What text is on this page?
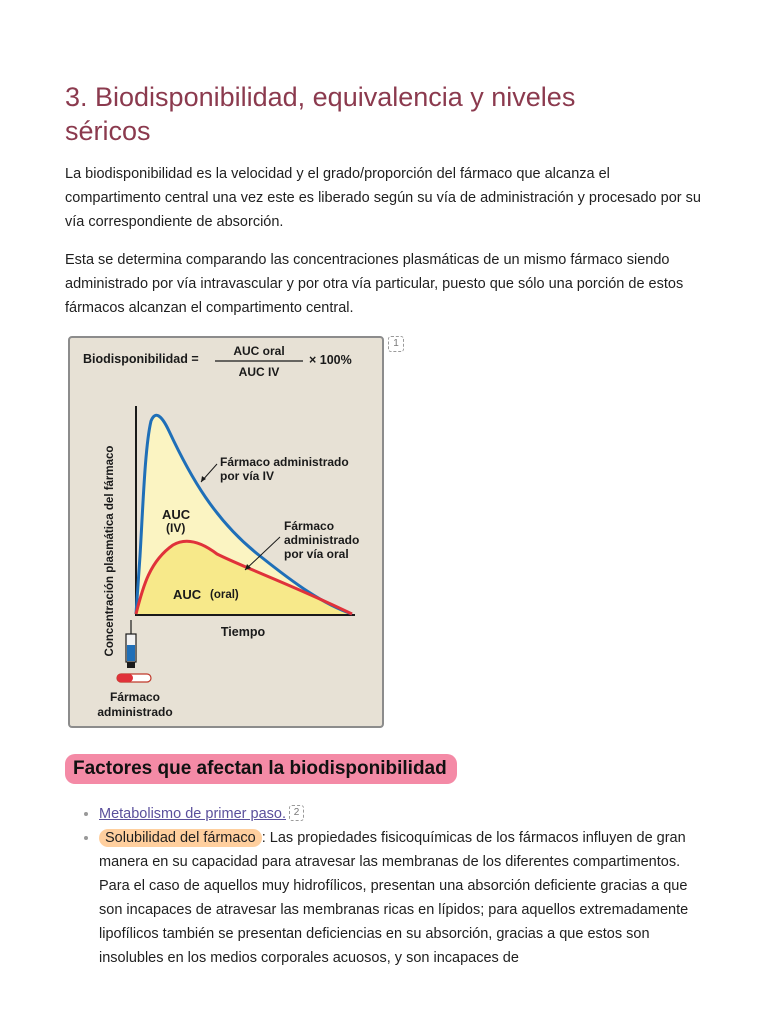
3. Biodisponibilidad, equivalencia y niveles
séricos

La biodisponibilidad es la velocidad y el grado/proporción del fármaco que alcanza el compartimento central una vez este es liberado según su vía de administración y procesado por su vía correspondiente de absorción.

Esta se determina comparando las concentraciones plasmáticas de un mismo fármaco siendo administrado por vía intravascular y por otra vía particular, puesto que sólo una porción de estos fármacos alcanzan el compartimento central.

1
Biodisponibilidad =
AUC oral
AUC IV
× 100%
Concentración plasmática del fármaco	Tiempo
Fármaco administrado
por vía IV
Fármaco
administrado
por vía oral
AUC
(IV)
AUC (oral)
Fármaco
administrado
Factores que afectan la biodisponibilidad
• Metabolismo de primer paso. 2
• Solubilidad del fármaco : Las propiedades fisicoquímicas de los fármacos influyen de gran manera en su capacidad para atravesar las membranas de los diferentes compartimentos. Para el caso de aquellos muy hidrofílicos, presentan una absorción deficiente gracias a que son incapaces de atravesar las membranas ricas en lípidos; para aquellos extremadamente lipofílicos también se presentan deficiencias en su absorción, gracias a que estos son insolubles en los medios corporales acuosos, y son incapaces de
